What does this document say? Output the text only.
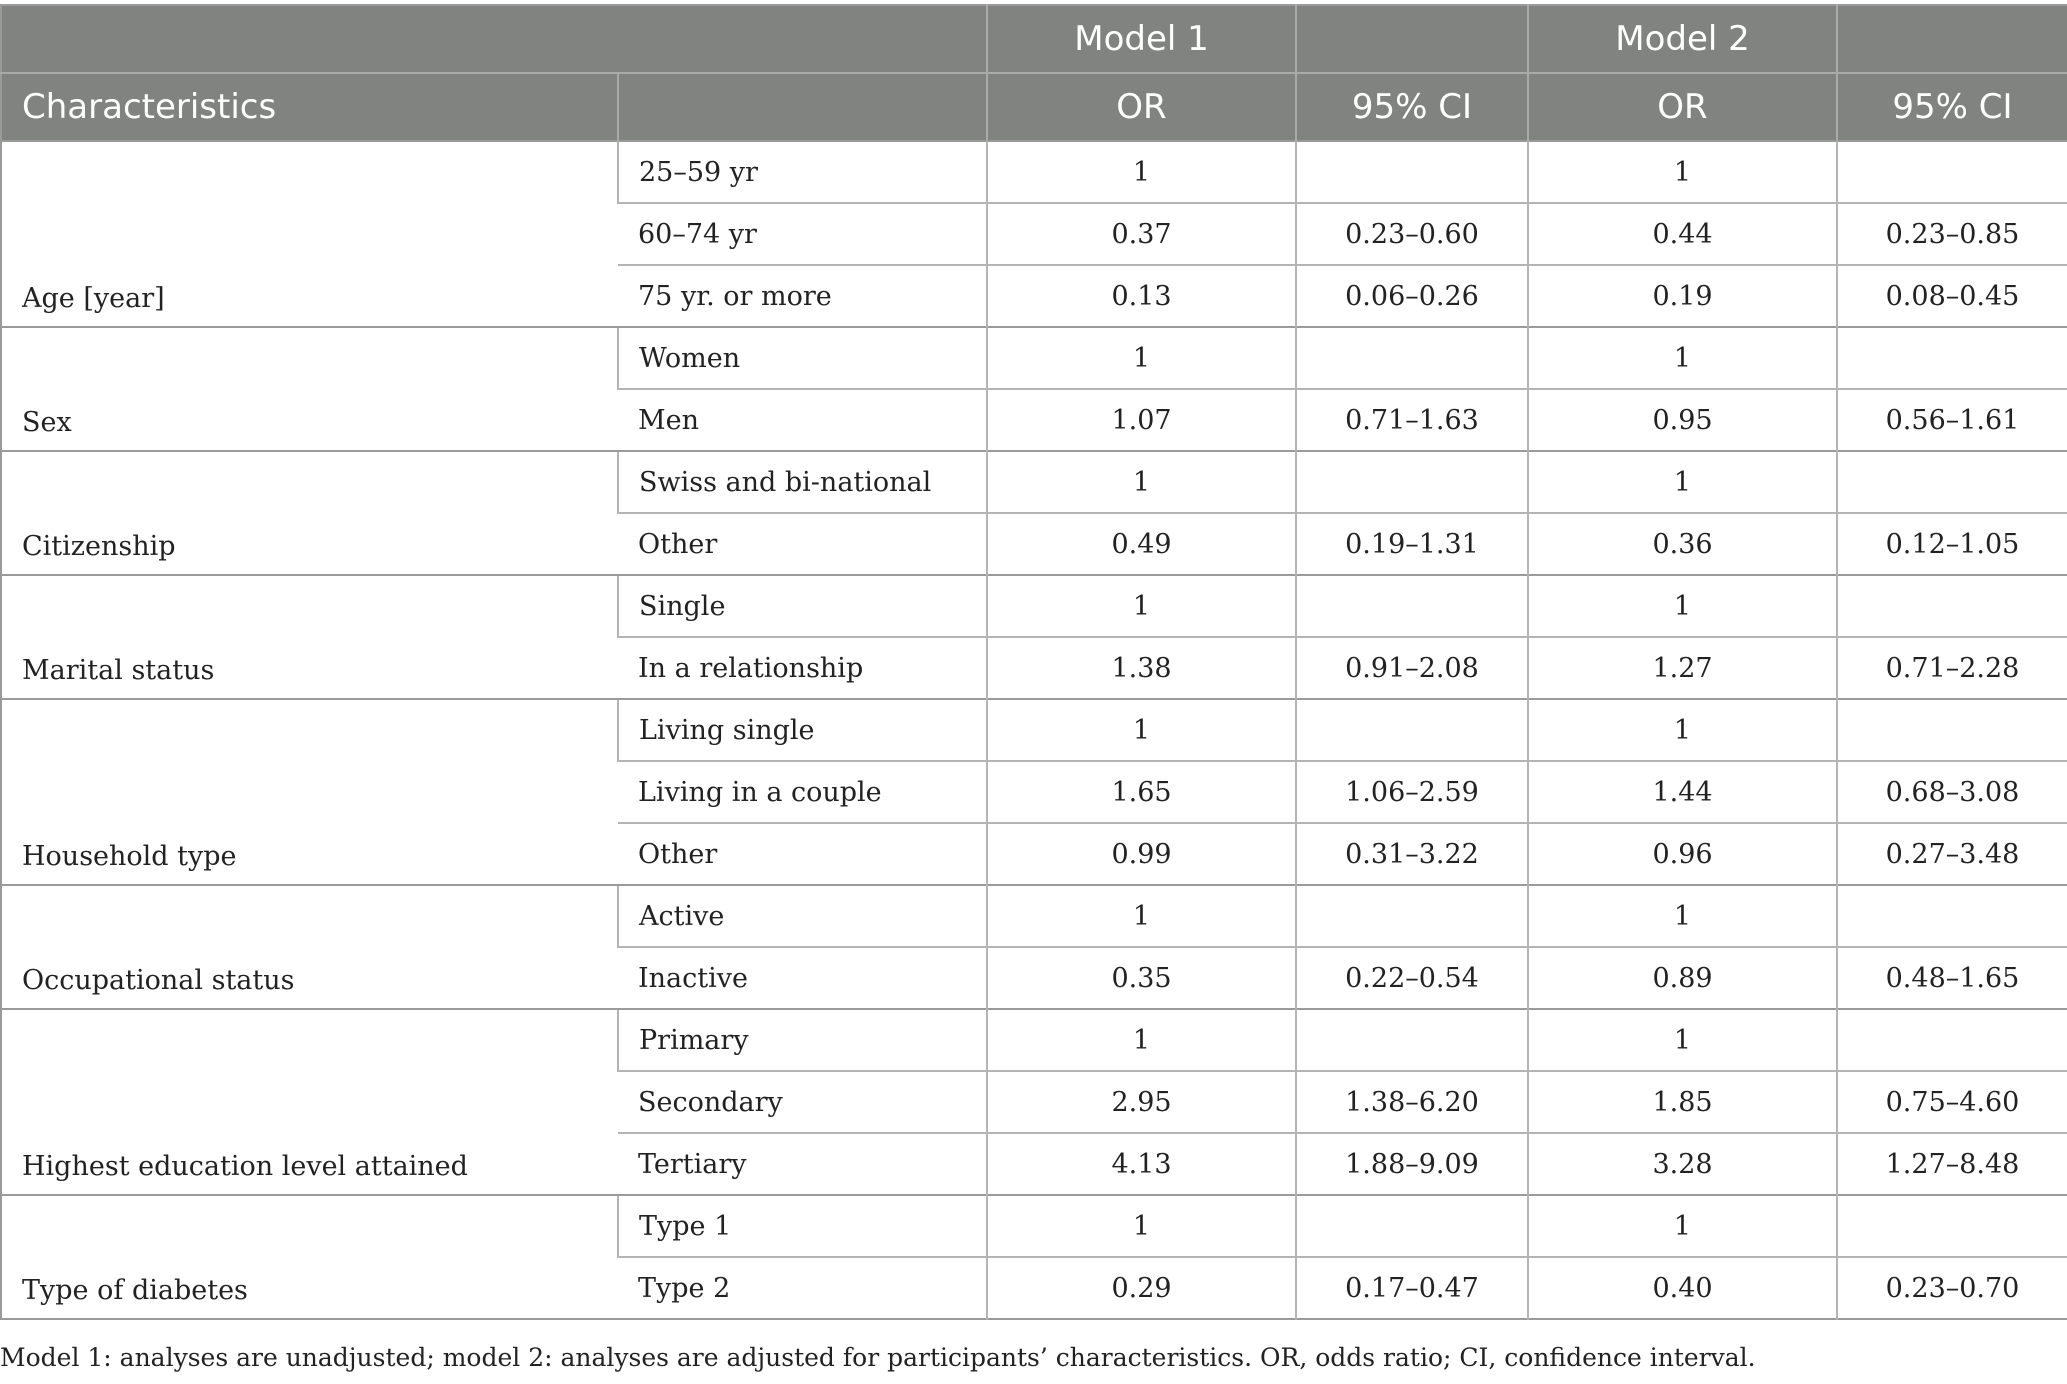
		Model 1		Model 2	
Characteristics		OR	95% CI	OR	95% CI
Age [year]	25–59 yr	1		1	
	60–74 yr	0.37	0.23–0.60	0.44	0.23–0.85
	75 yr. or more	0.13	0.06–0.26	0.19	0.08–0.45
Sex	Women	1		1	
	Men	1.07	0.71–1.63	0.95	0.56–1.61
Citizenship	Swiss and bi-national	1		1	
	Other	0.49	0.19–1.31	0.36	0.12–1.05
Marital status	Single	1		1	
	In a relationship	1.38	0.91–2.08	1.27	0.71–2.28
Household type	Living single	1		1	
	Living in a couple	1.65	1.06–2.59	1.44	0.68–3.08
	Other	0.99	0.31–3.22	0.96	0.27–3.48
Occupational status	Active	1		1	
	Inactive	0.35	0.22–0.54	0.89	0.48–1.65
Highest education level attained	Primary	1		1	
	Secondary	2.95	1.38–6.20	1.85	0.75–4.60
	Tertiary	4.13	1.88–9.09	3.28	1.27–8.48
Type of diabetes	Type 1	1		1	
	Type 2	0.29	0.17–0.47	0.40	0.23–0.70
Model 1: analyses are unadjusted; model 2: analyses are adjusted for participants’ characteristics. OR, odds ratio; CI, confidence interval.
